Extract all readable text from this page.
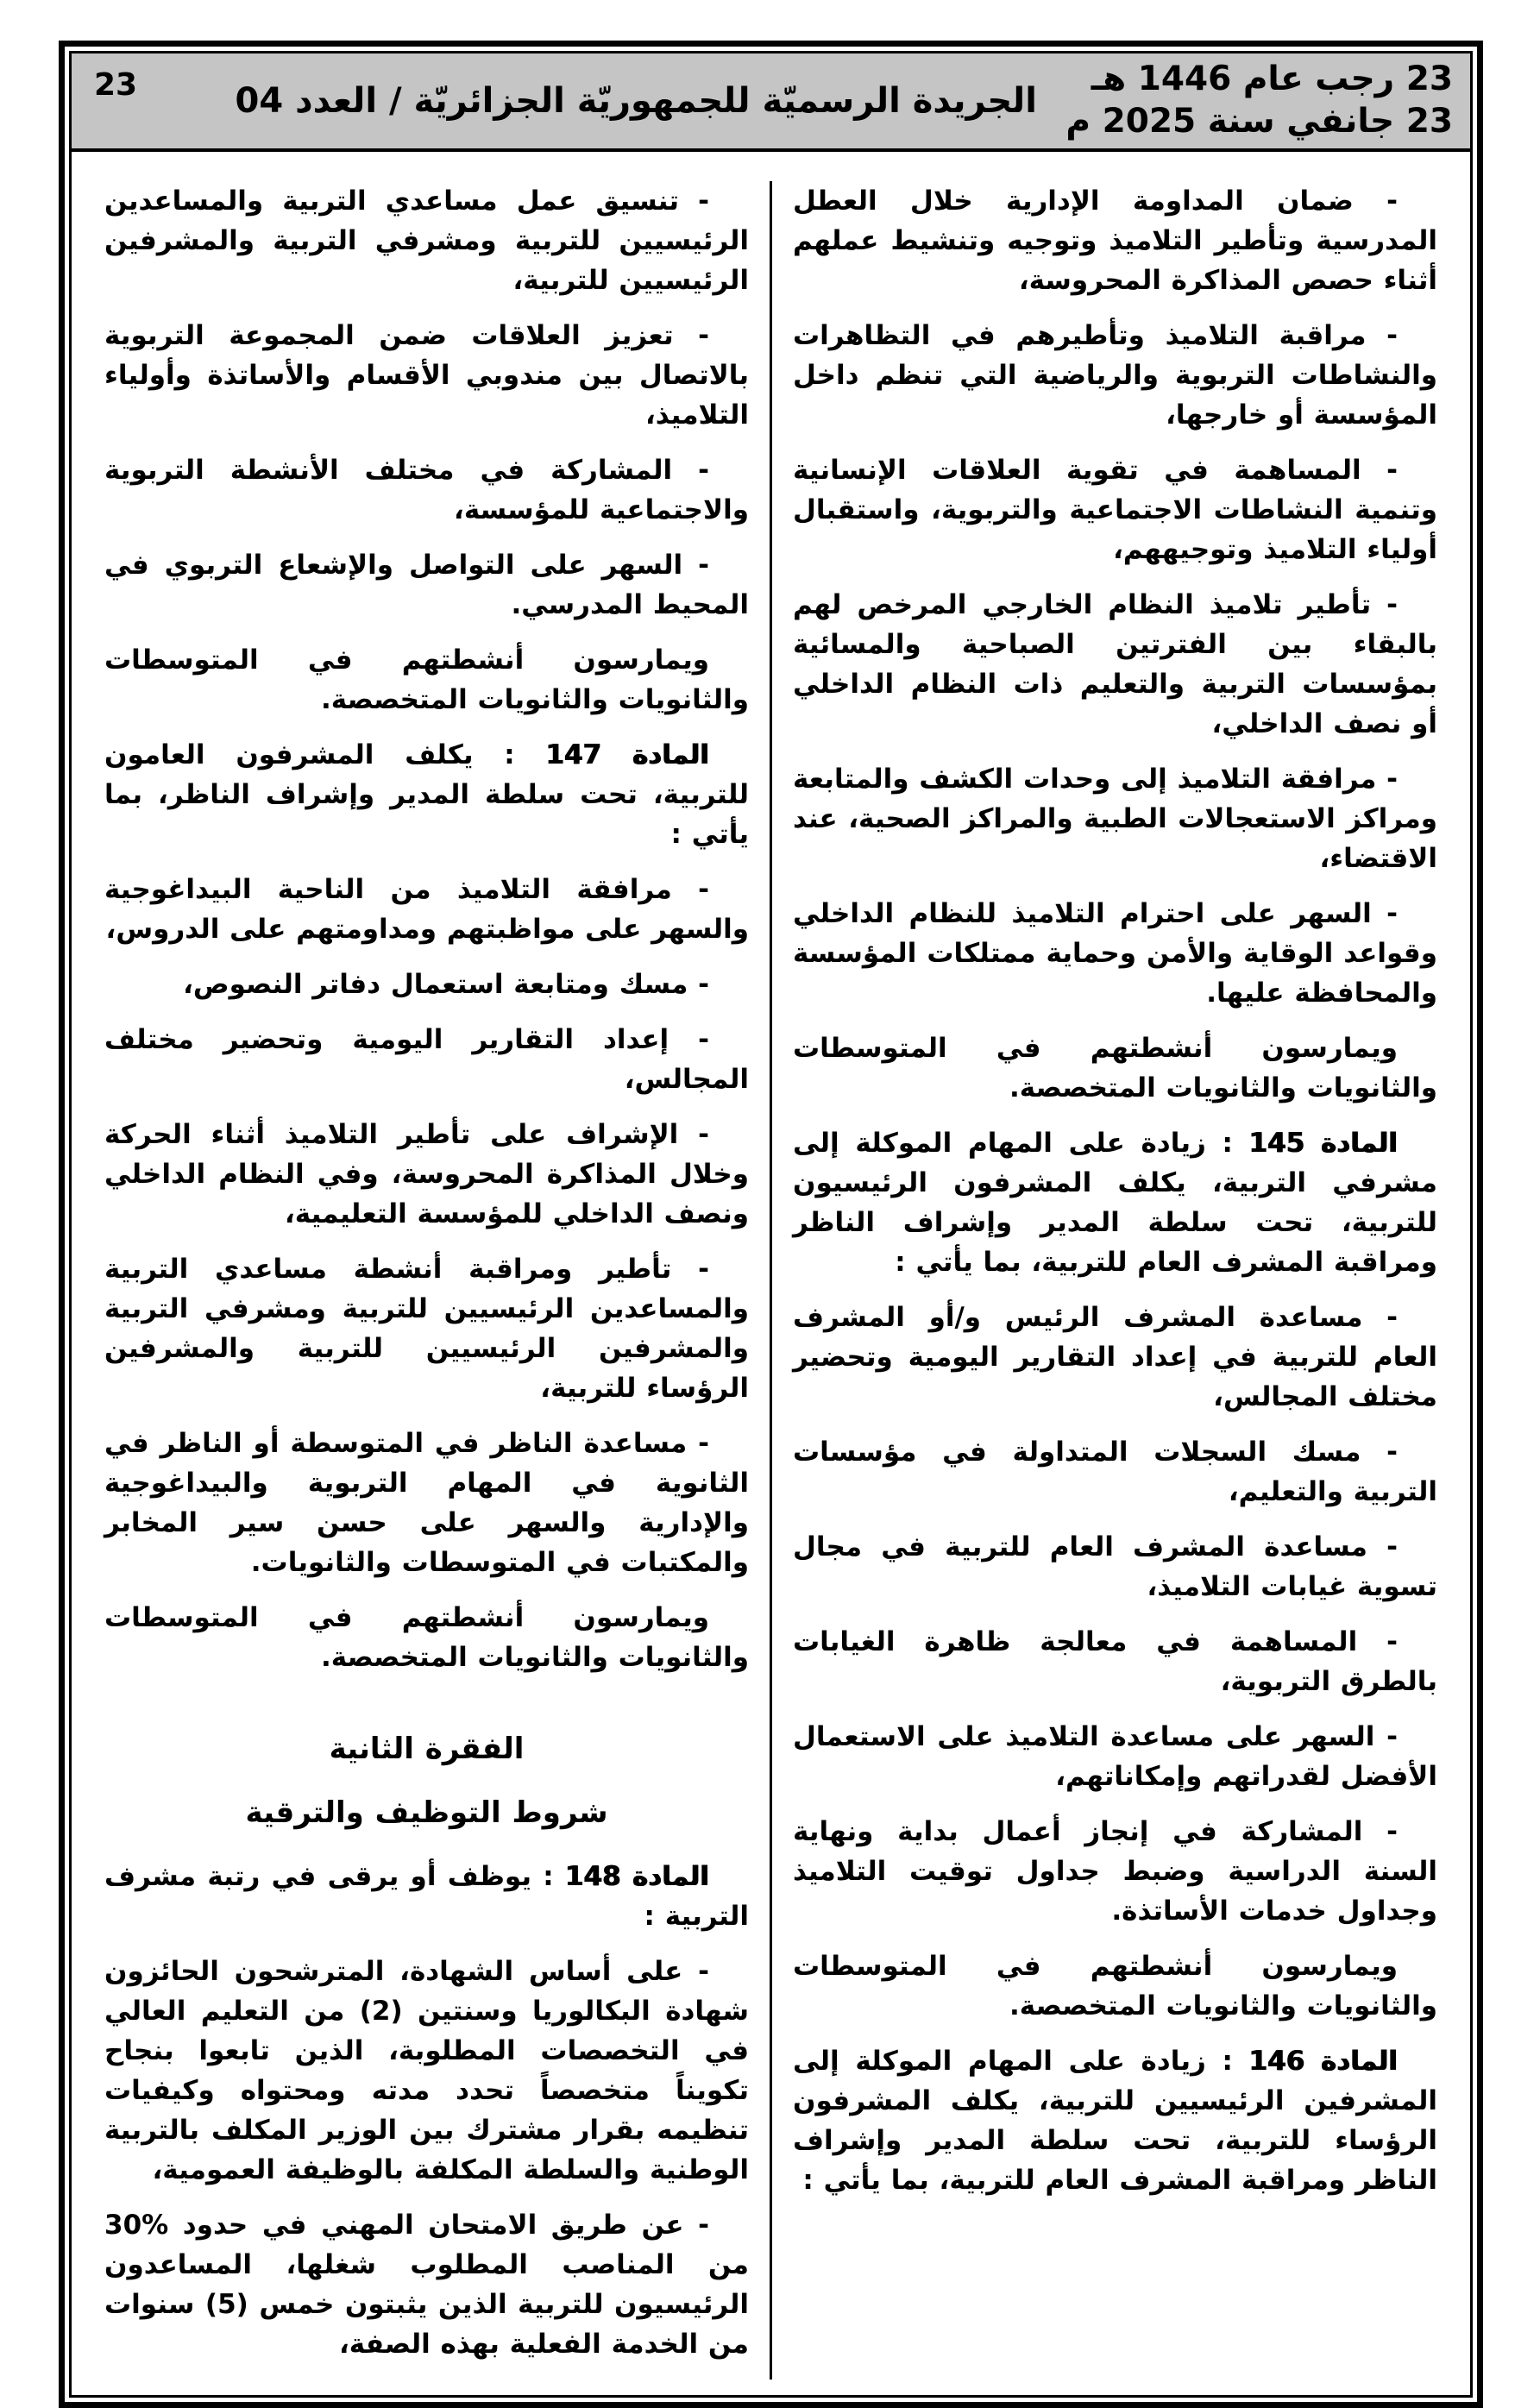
23 رجب عام 1446 هـ
23 جانفي سنة 2025 م
الجريدة الرسميّة للجمهوريّة الجزائريّة / العدد 04
23

- ضمان المداومة الإدارية خلال العطل المدرسية وتأطير التلاميذ وتوجيه وتنشيط عملهم أثناء حصص المذاكرة المحروسة،

- مراقبة التلاميذ وتأطيرهم في التظاهرات والنشاطات التربوية والرياضية التي تنظم داخل المؤسسة أو خارجها،

- المساهمة في تقوية العلاقات الإنسانية وتنمية النشاطات الاجتماعية والتربوية، واستقبال أولياء التلاميذ وتوجيههم،

- تأطير تلاميذ النظام الخارجي المرخص لهم بالبقاء بين الفترتين الصباحية والمسائية بمؤسسات التربية والتعليم ذات النظام الداخلي أو نصف الداخلي،

- مرافقة التلاميذ إلى وحدات الكشف والمتابعة ومراكز الاستعجالات الطبية والمراكز الصحية، عند الاقتضاء،

- السهر على احترام التلاميذ للنظام الداخلي وقواعد الوقاية والأمن وحماية ممتلكات المؤسسة والمحافظة عليها.

ويمارسون أنشطتهم في المتوسطات والثانويات والثانويات المتخصصة.

المادة 145 : زيادة على المهام الموكلة إلى مشرفي التربية، يكلف المشرفون الرئيسيون للتربية، تحت سلطة المدير وإشراف الناظر ومراقبة المشرف العام للتربية، بما يأتي :

- مساعدة المشرف الرئيس و/أو المشرف العام للتربية في إعداد التقارير اليومية وتحضير مختلف المجالس،

- مسك السجلات المتداولة في مؤسسات التربية والتعليم،

- مساعدة المشرف العام للتربية في مجال تسوية غيابات التلاميذ،

- المساهمة في معالجة ظاهرة الغيابات بالطرق التربوية،

- السهر على مساعدة التلاميذ على الاستعمال الأفضل لقدراتهم وإمكاناتهم،

- المشاركة في إنجاز أعمال بداية ونهاية السنة الدراسية وضبط جداول توقيت التلاميذ وجداول خدمات الأساتذة.

ويمارسون أنشطتهم في المتوسطات والثانويات والثانويات المتخصصة.

المادة 146 : زيادة على المهام الموكلة إلى المشرفين الرئيسيين للتربية، يكلف المشرفون الرؤساء للتربية، تحت سلطة المدير وإشراف الناظر ومراقبة المشرف العام للتربية، بما يأتي :

- تنسيق عمل مساعدي التربية والمساعدين الرئيسيين للتربية ومشرفي التربية والمشرفين الرئيسيين للتربية،

- تعزيز العلاقات ضمن المجموعة التربوية بالاتصال بين مندوبي الأقسام والأساتذة وأولياء التلاميذ،

- المشاركة في مختلف الأنشطة التربوية والاجتماعية للمؤسسة،

- السهر على التواصل والإشعاع التربوي في المحيط المدرسي.

ويمارسون أنشطتهم في المتوسطات والثانويات والثانويات المتخصصة.

المادة 147 : يكلف المشرفون العامون للتربية، تحت سلطة المدير وإشراف الناظر، بما يأتي :

- مرافقة التلاميذ من الناحية البيداغوجية والسهر على مواظبتهم ومداومتهم على الدروس،

- مسك ومتابعة استعمال دفاتر النصوص،

- إعداد التقارير اليومية وتحضير مختلف المجالس،

- الإشراف على تأطير التلاميذ أثناء الحركة وخلال المذاكرة المحروسة، وفي النظام الداخلي ونصف الداخلي للمؤسسة التعليمية،

- تأطير ومراقبة أنشطة مساعدي التربية والمساعدين الرئيسيين للتربية ومشرفي التربية والمشرفين الرئيسيين للتربية والمشرفين الرؤساء للتربية،

- مساعدة الناظر في المتوسطة أو الناظر في الثانوية في المهام التربوية والبيداغوجية والإدارية والسهر على حسن سير المخابر والمكتبات في المتوسطات والثانويات.

ويمارسون أنشطتهم في المتوسطات والثانويات والثانويات المتخصصة.

الفقرة الثانية

شروط التوظيف والترقية

المادة 148 : يوظف أو يرقى في رتبة مشرف التربية :

- على أساس الشهادة، المترشحون الحائزون شهادة البكالوريا وسنتين (2) من التعليم العالي في التخصصات المطلوبة، الذين تابعوا بنجاح تكويناً متخصصاً تحدد مدته ومحتواه وكيفيات تنظيمه بقرار مشترك بين الوزير المكلف بالتربية الوطنية والسلطة المكلفة بالوظيفة العمومية،

- عن طريق الامتحان المهني في حدود %30 من المناصب المطلوب شغلها، المساعدون الرئيسيون للتربية الذين يثبتون خمس (5) سنوات من الخدمة الفعلية بهذه الصفة،
